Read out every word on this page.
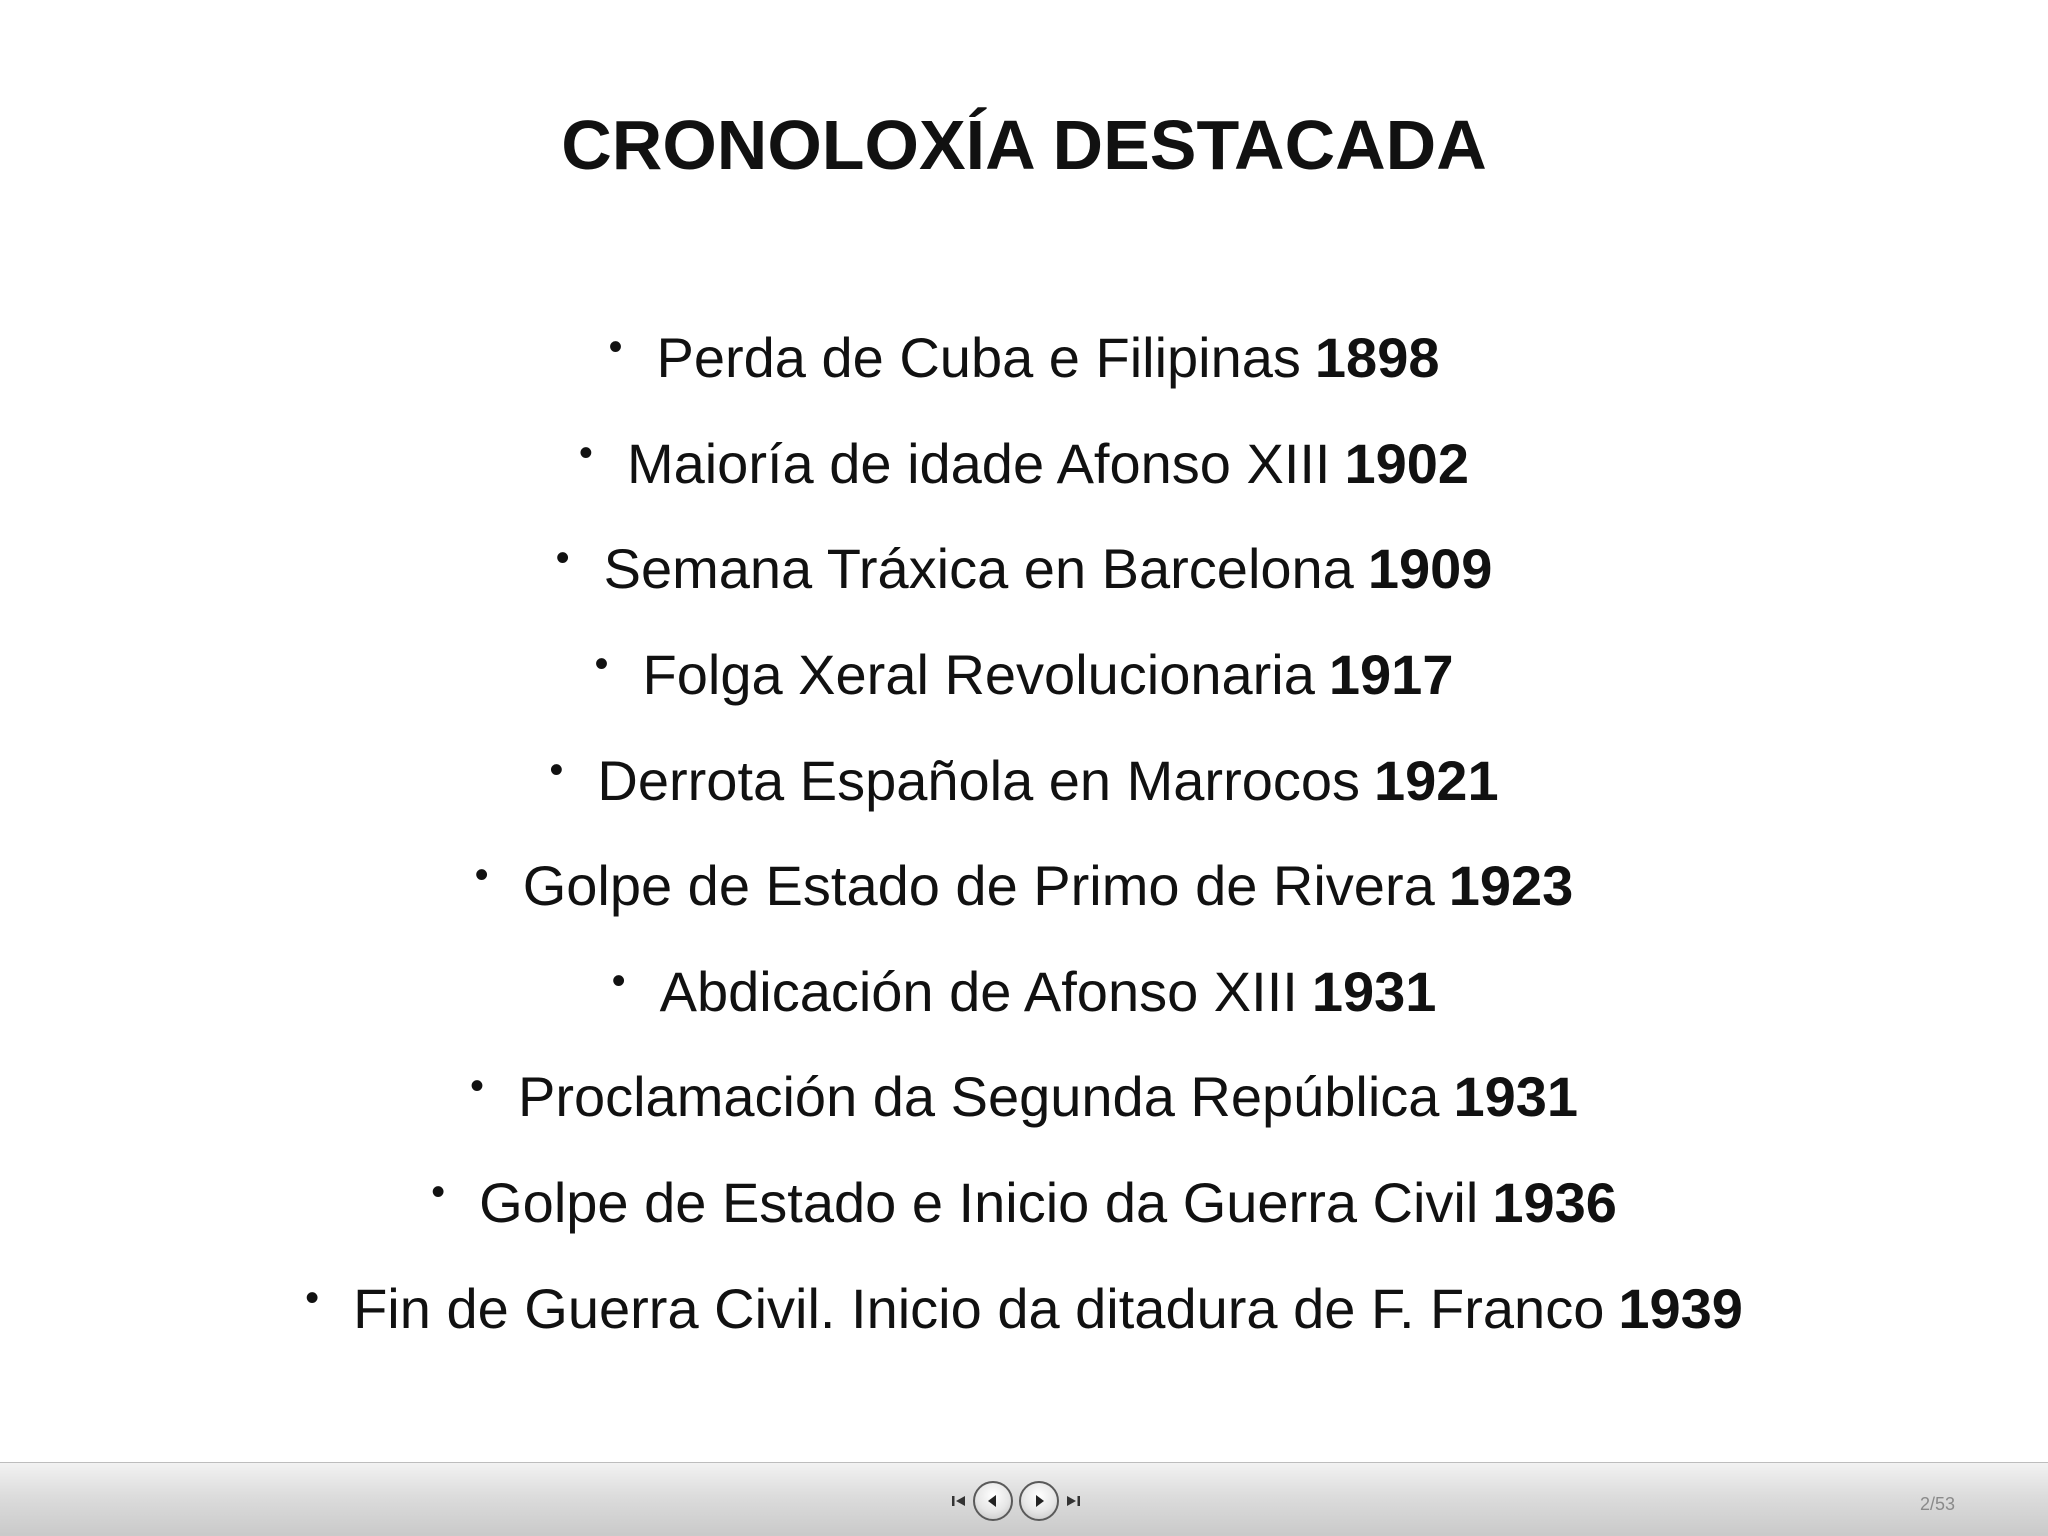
CRONOLOXÍA DESTACADA
• Perda de Cuba e Filipinas 1898
• Maioría de idade Afonso XIII 1902
• Semana Tráxica en Barcelona 1909
• Folga Xeral Revolucionaria 1917
• Derrota Española en Marrocos 1921
• Golpe de Estado de Primo de Rivera 1923
• Abdicación de Afonso XIII 1931
• Proclamación da Segunda República 1931
• Golpe de Estado e Inicio da Guerra Civil 1936
• Fin de Guerra Civil. Inicio da ditadura de F. Franco 1939
2/53
